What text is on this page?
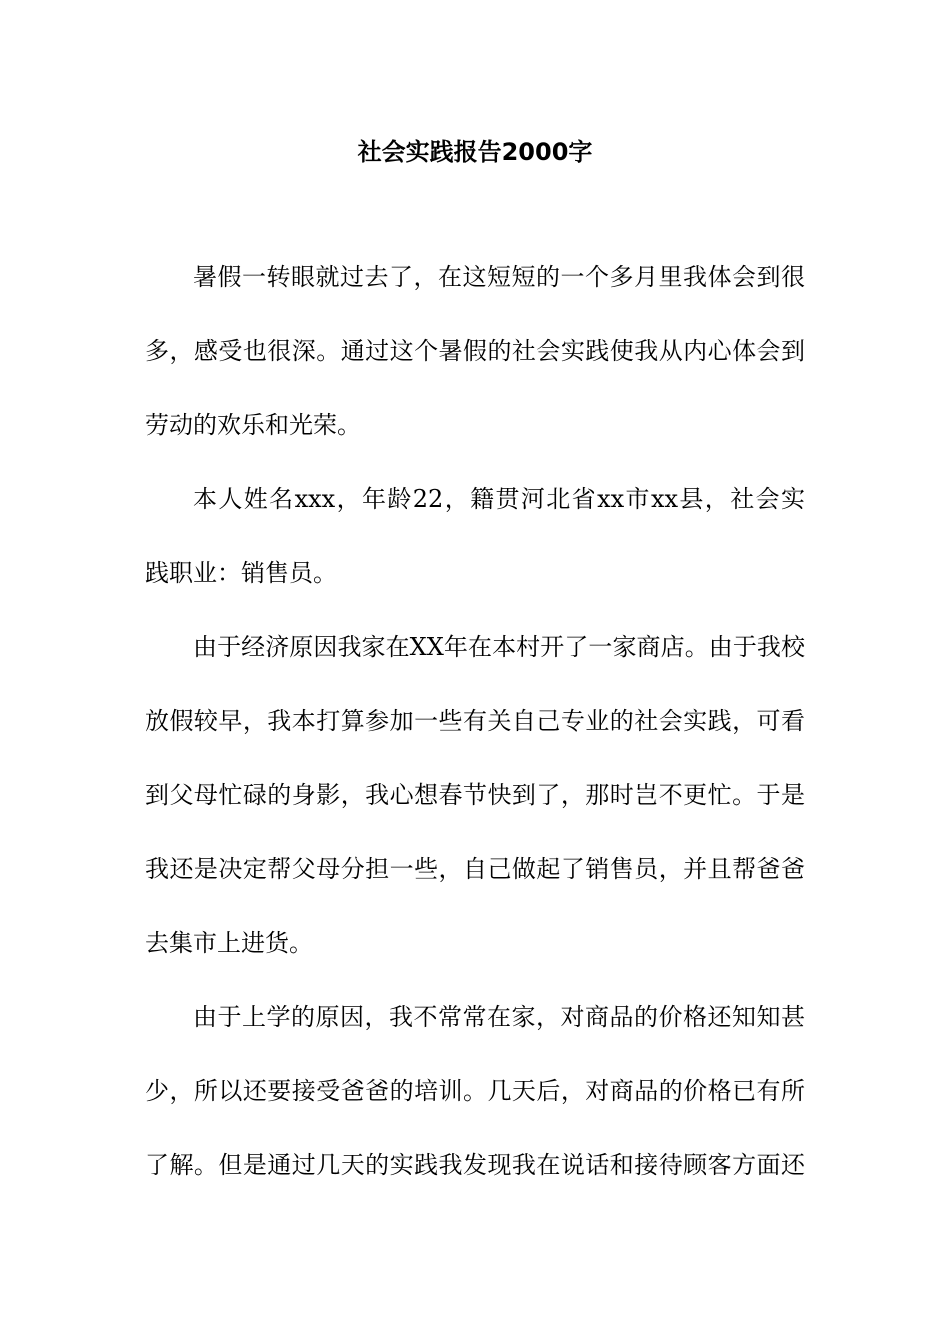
社会实践报告2000字

暑假一转眼就过去了，在这短短的一个多月里我体会到很
多，感受也很深。通过这个暑假的社会实践使我从内心体会到
劳动的欢乐和光荣。

本人姓名xxx，年龄22，籍贯河北省xx市xx县，社会实
践职业：销售员。

由于经济原因我家在XX年在本村开了一家商店。由于我校
放假较早，我本打算参加一些有关自己专业的社会实践，可看
到父母忙碌的身影，我心想春节快到了，那时岂不更忙。于是
我还是决定帮父母分担一些，自己做起了销售员，并且帮爸爸
去集市上进货。

由于上学的原因，我不常常在家，对商品的价格还知知甚
少，所以还要接受爸爸的培训。几天后，对商品的价格已有所
了解。但是通过几天的实践我发现我在说话和接待顾客方面还
